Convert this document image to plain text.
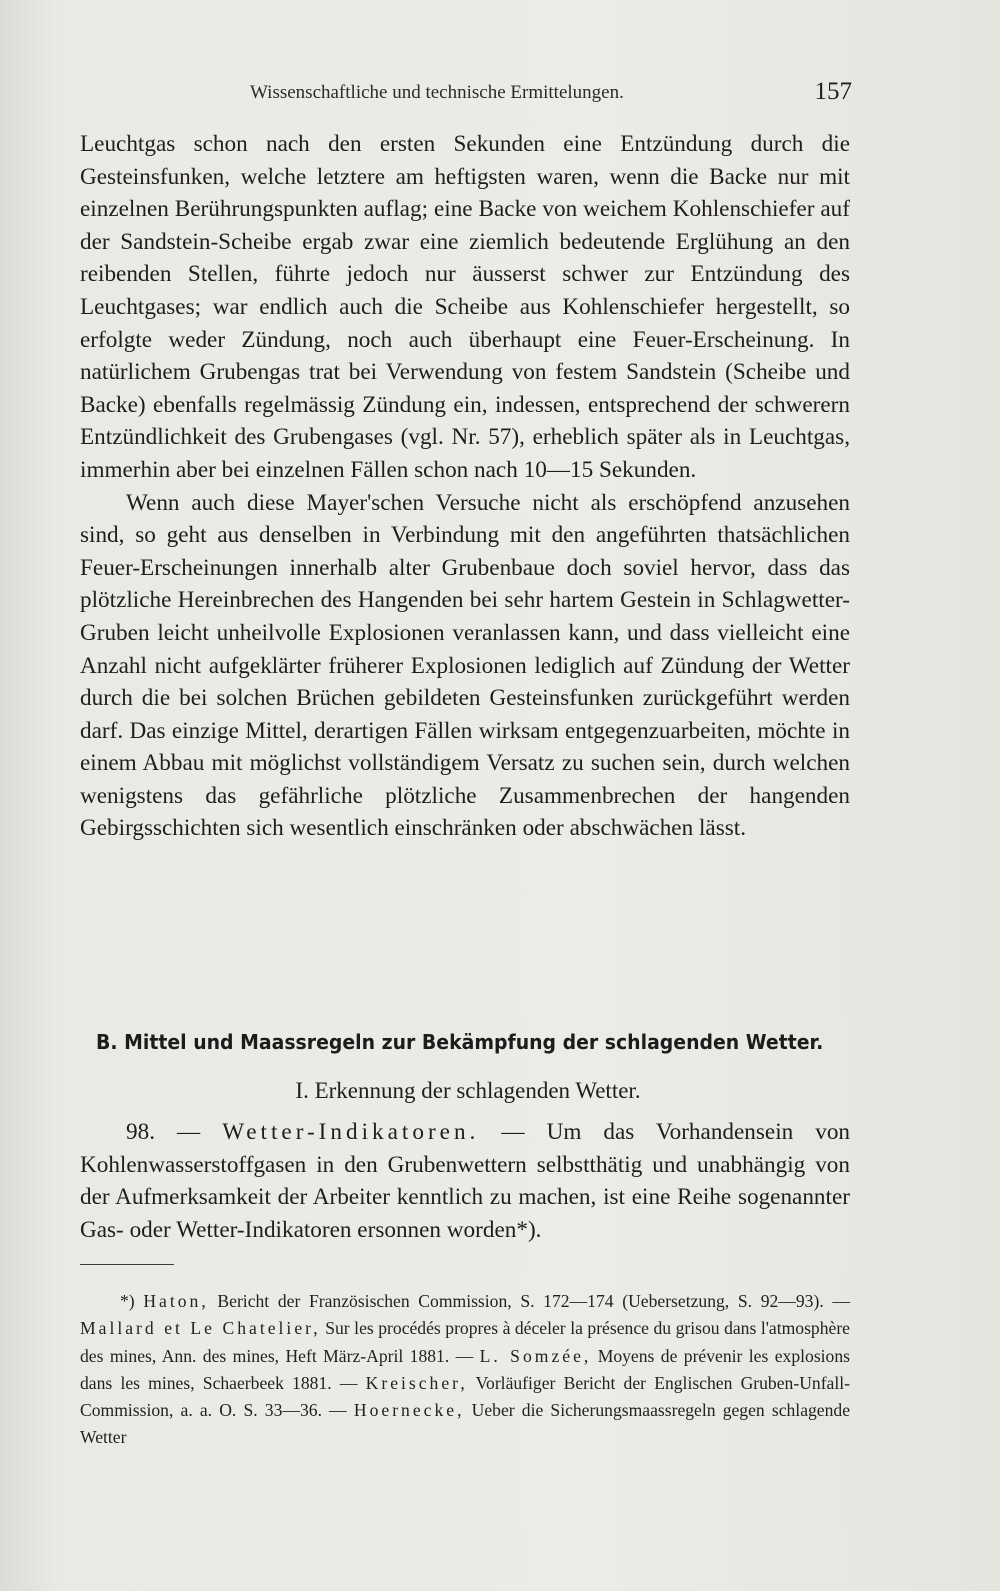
Wissenschaftliche und technische Ermittelungen.	157

Leuchtgas schon nach den ersten Sekunden eine Entzündung durch die Gesteinsfunken, welche letztere am heftigsten waren, wenn die Backe nur mit einzelnen Berührungspunkten auflag; eine Backe von weichem Kohlenschiefer auf der Sandstein-Scheibe ergab zwar eine ziemlich bedeutende Erglühung an den reibenden Stellen, führte jedoch nur äusserst schwer zur Entzündung des Leuchtgases; war endlich auch die Scheibe aus Kohlenschiefer hergestellt, so erfolgte weder Zündung, noch auch überhaupt eine Feuer-Erscheinung. In natürlichem Grubengas trat bei Verwendung von festem Sandstein (Scheibe und Backe) ebenfalls regelmässig Zündung ein, indessen, entsprechend der schwerern Entzündlichkeit des Grubengases (vgl. Nr. 57), erheblich später als in Leuchtgas, immerhin aber bei einzelnen Fällen schon nach 10—15 Sekunden.

Wenn auch diese Mayer'schen Versuche nicht als erschöpfend anzusehen sind, so geht aus denselben in Verbindung mit den angeführten thatsächlichen Feuer-Erscheinungen innerhalb alter Grubenbaue doch soviel hervor, dass das plötzliche Hereinbrechen des Hangenden bei sehr hartem Gestein in Schlagwetter-Gruben leicht unheilvolle Explosionen veranlassen kann, und dass vielleicht eine Anzahl nicht aufgeklärter früherer Explosionen lediglich auf Zündung der Wetter durch die bei solchen Brüchen gebildeten Gesteinsfunken zurückgeführt werden darf. Das einzige Mittel, derartigen Fällen wirksam entgegenzuarbeiten, möchte in einem Abbau mit möglichst vollständigem Versatz zu suchen sein, durch welchen wenigstens das gefährliche plötzliche Zusammenbrechen der hangenden Gebirgsschichten sich wesentlich einschränken oder abschwächen lässt.

B. Mittel und Maassregeln zur Bekämpfung der schlagenden Wetter.
I. Erkennung der schlagenden Wetter.
98. — Wetter-Indikatoren. — Um das Vorhandensein von Kohlenwasserstoffgasen in den Grubenwettern selbstthätig und unabhängig von der Aufmerksamkeit der Arbeiter kenntlich zu machen, ist eine Reihe sogenannter Gas- oder Wetter-Indikatoren ersonnen worden*).
*) Haton, Bericht der Französischen Commission, S. 172—174 (Uebersetzung, S. 92—93). — Mallard et Le Chatelier, Sur les procédés propres à déceler la présence du grisou dans l'atmosphère des mines, Ann. des mines, Heft März-April 1881. — L. Somzée, Moyens de prévenir les explosions dans les mines, Schaerbeek 1881. — Kreischer, Vorläufiger Bericht der Englischen Gruben-Unfall-Commission, a. a. O. S. 33—36. — Hoernecke, Ueber die Sicherungsmaassregeln gegen schlagende Wetter
